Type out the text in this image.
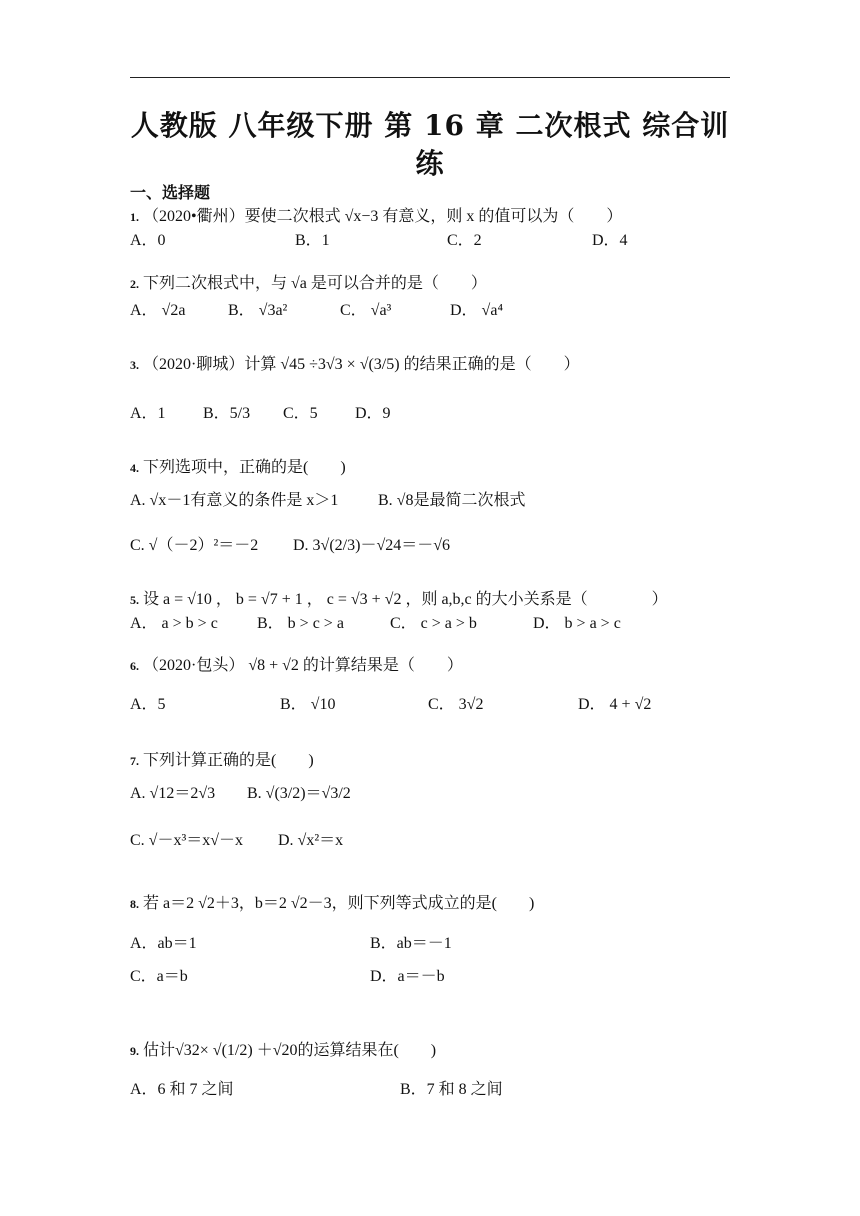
人教版 八年级下册 第 16 章 二次根式 综合训
练
一、选择题
1. （2020•衢州）要使二次根式 √x−3 有意义，则 x 的值可以为（　　）
A．0	B．1	C．2	D．4
2. 下列二次根式中，与 √a 是可以合并的是（　　）
A． √2a	B． √3a²	C． √a³	D． √a⁴
3. （2020·聊城）计算 √45 ÷3√3 × √(3/5) 的结果正确的是（　　）
A．1 B．5/3 C．5 D．9
4. 下列选项中，正确的是(　　)
A. √x－1有意义的条件是 x＞1 B. √8是最简二次根式
C. √（－2）²＝－2 D. 3√(2/3)－√24＝－√6
5. 设 a = √10 ， b = √7 + 1 ， c = √3 + √2 ，则 a,b,c 的大小关系是（　　　　）
A． a > b > c B． b > c > a	C． c > a > b	D． b > a > c
6. （2020·包头） √8 + √2 的计算结果是（　　）
A．5	B． √10	C． 3√2	D． 4 + √2
7. 下列计算正确的是(　　)
A. √12＝2√3 B. √(3/2)＝√3/2
C. √－x³＝x√－x D. √x²＝x
8. 若 a＝2 √2＋3，b＝2 √2－3，则下列等式成立的是(　　)
A．ab＝1	B．ab＝－1
C．a＝b	D．a＝－b
9. 估计√32× √(1/2) ＋√20的运算结果在(　　)
A．6 和 7 之间	B．7 和 8 之间
